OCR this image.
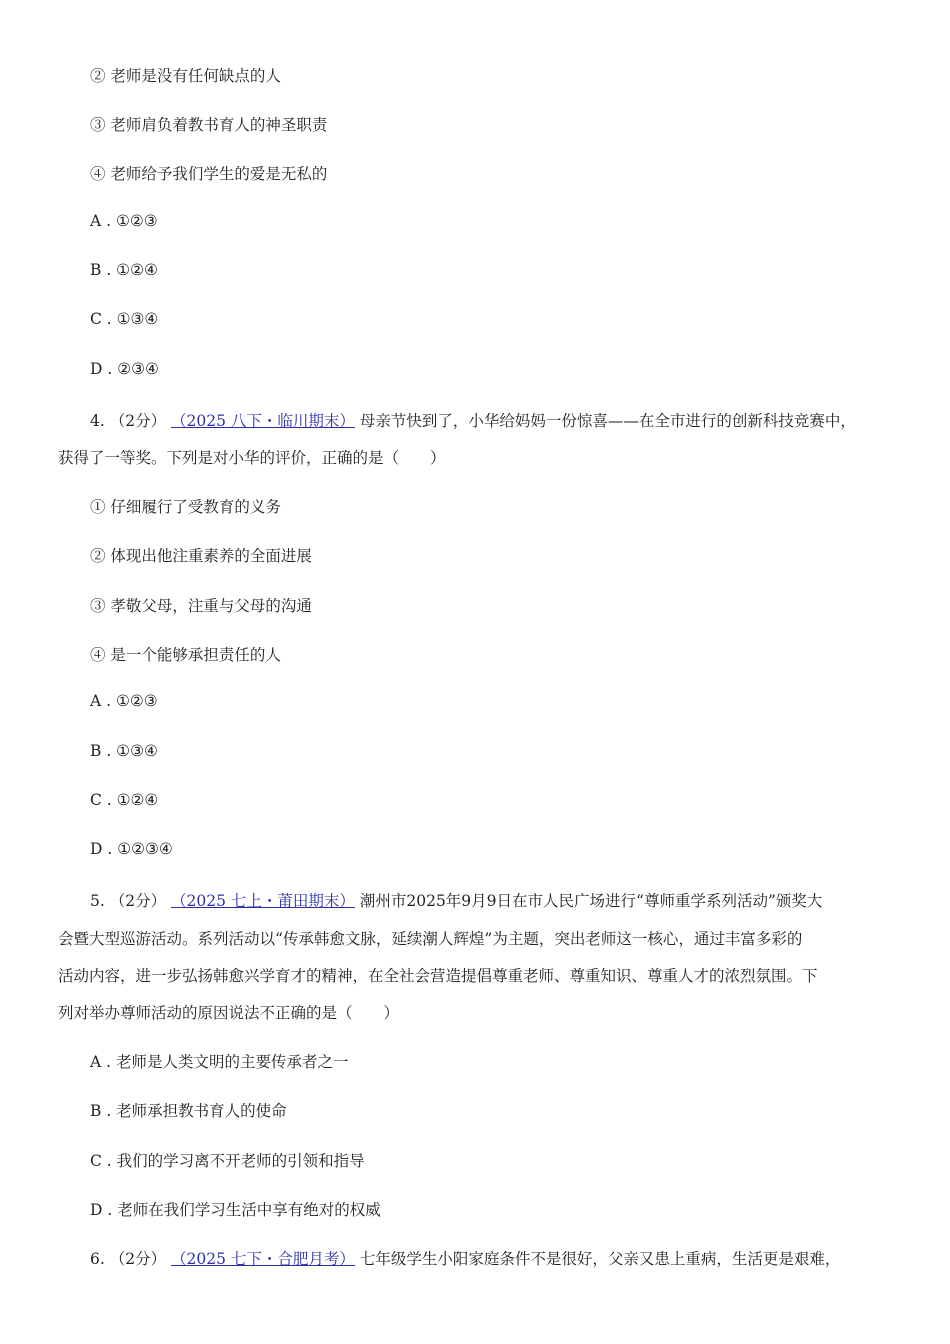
② 老师是没有任何缺点的人
③ 老师肩负着教书育人的神圣职责
④ 老师给予我们学生的爱是无私的
A . ①②③
B . ①②④
C . ①③④
D . ②③④
4. （2分） （2025 八下・临川期末） 母亲节快到了，小华给妈妈一份惊喜——在全市进行的创新科技竞赛中，
获得了一等奖。下列是对小华的评价，正确的是（　　）
① 仔细履行了受教育的义务
② 体现出他注重素养的全面进展
③ 孝敬父母，注重与父母的沟通
④ 是一个能够承担责任的人
A . ①②③
B . ①③④
C . ①②④
D . ①②③④
5. （2分） （2025 七上・莆田期末） 潮州市2025年9月9日在市人民广场进行“尊师重学系列活动”颁奖大
会暨大型巡游活动。系列活动以“传承韩愈文脉，延续潮人辉煌”为主题，突出老师这一核心，通过丰富多彩的
活动内容，进一步弘扬韩愈兴学育才的精神，在全社会营造提倡尊重老师、尊重知识、尊重人才的浓烈氛围。下
列对举办尊师活动的原因说法不正确的是（　　）
A . 老师是人类文明的主要传承者之一
B . 老师承担教书育人的使命
C . 我们的学习离不开老师的引领和指导
D . 老师在我们学习生活中享有绝对的权威
6. （2分） （2025 七下・合肥月考） 七年级学生小阳家庭条件不是很好，父亲又患上重病，生活更是艰难，
